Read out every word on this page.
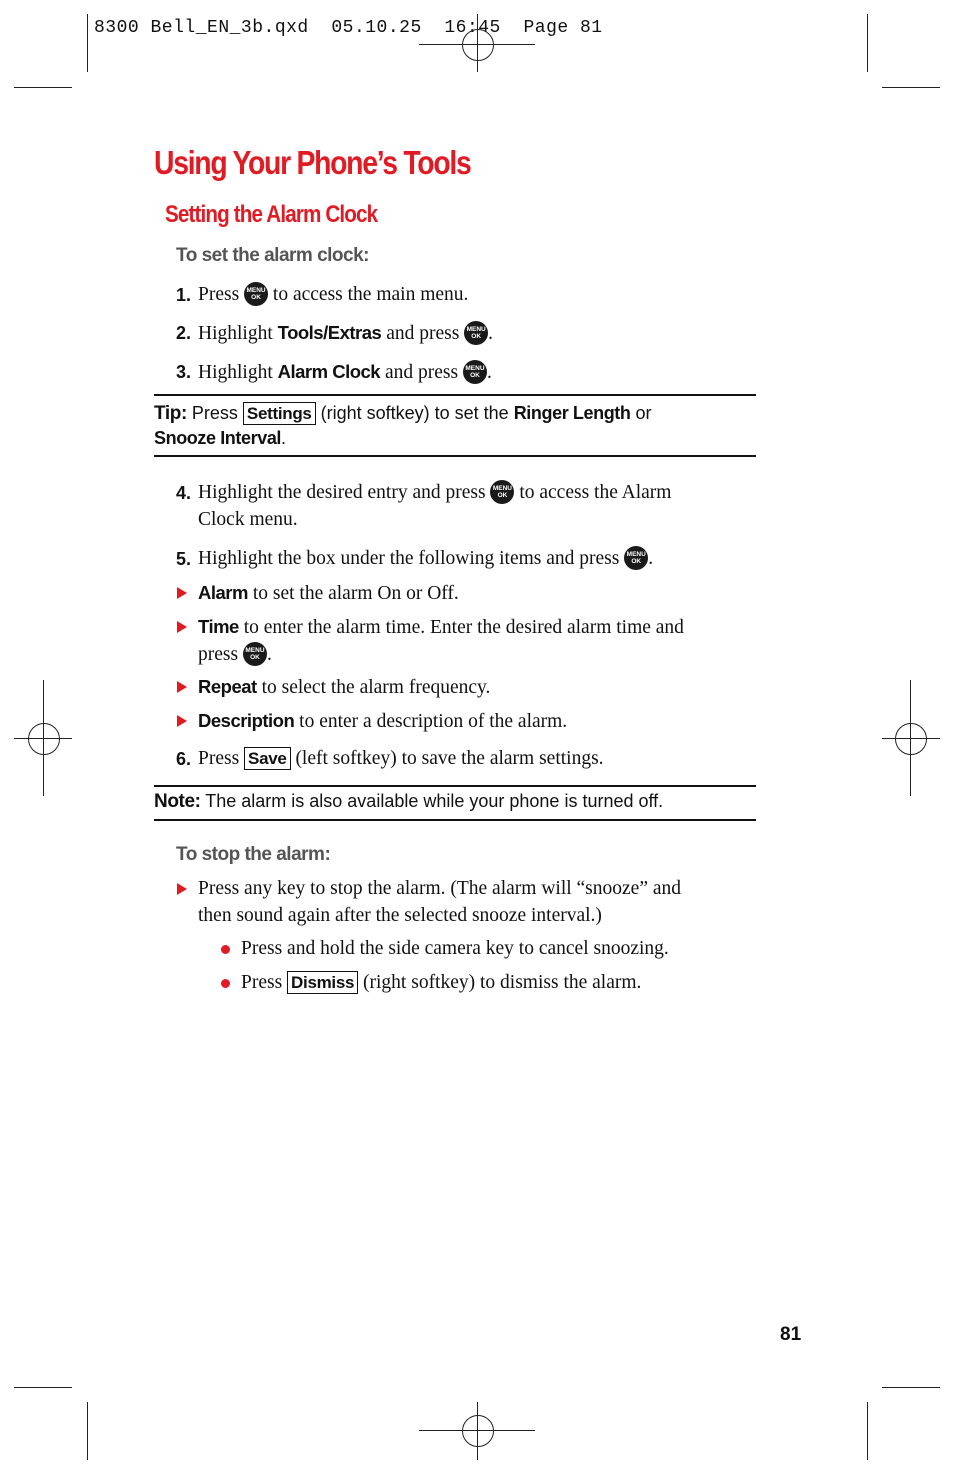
8300 Bell_EN_3b.qxd  05.10.25  16:45  Page 81
Using Your Phone’s Tools
Setting the Alarm Clock
To set the alarm clock:
1. Press	MENU
OK to access the main menu.
2. Highlight Tools/Extras and press	MENU
OK .
3. Highlight Alarm Clock and press	MENU
OK .
Tip: Press Settings (right softkey) to set the Ringer Length or
Snooze Interval.
4. Highlight the desired entry and press	MENU
OK to access the Alarm
Clock menu.
5. Highlight the box under the following items and press	MENU
OK .
Alarm to set the alarm On or Off.
Time to enter the alarm time. Enter the desired alarm time and
press	MENU
OK .
Repeat to select the alarm frequency.
Description to enter a description of the alarm.
6. Press Save (left softkey) to save the alarm settings.
Note: The alarm is also available while your phone is turned off.
To stop the alarm:
Press any key to stop the alarm. (The alarm will “snooze” and
then sound again after the selected snooze interval.)
Press and hold the side camera key to cancel snoozing.
Press Dismiss (right softkey) to dismiss the alarm.
81
